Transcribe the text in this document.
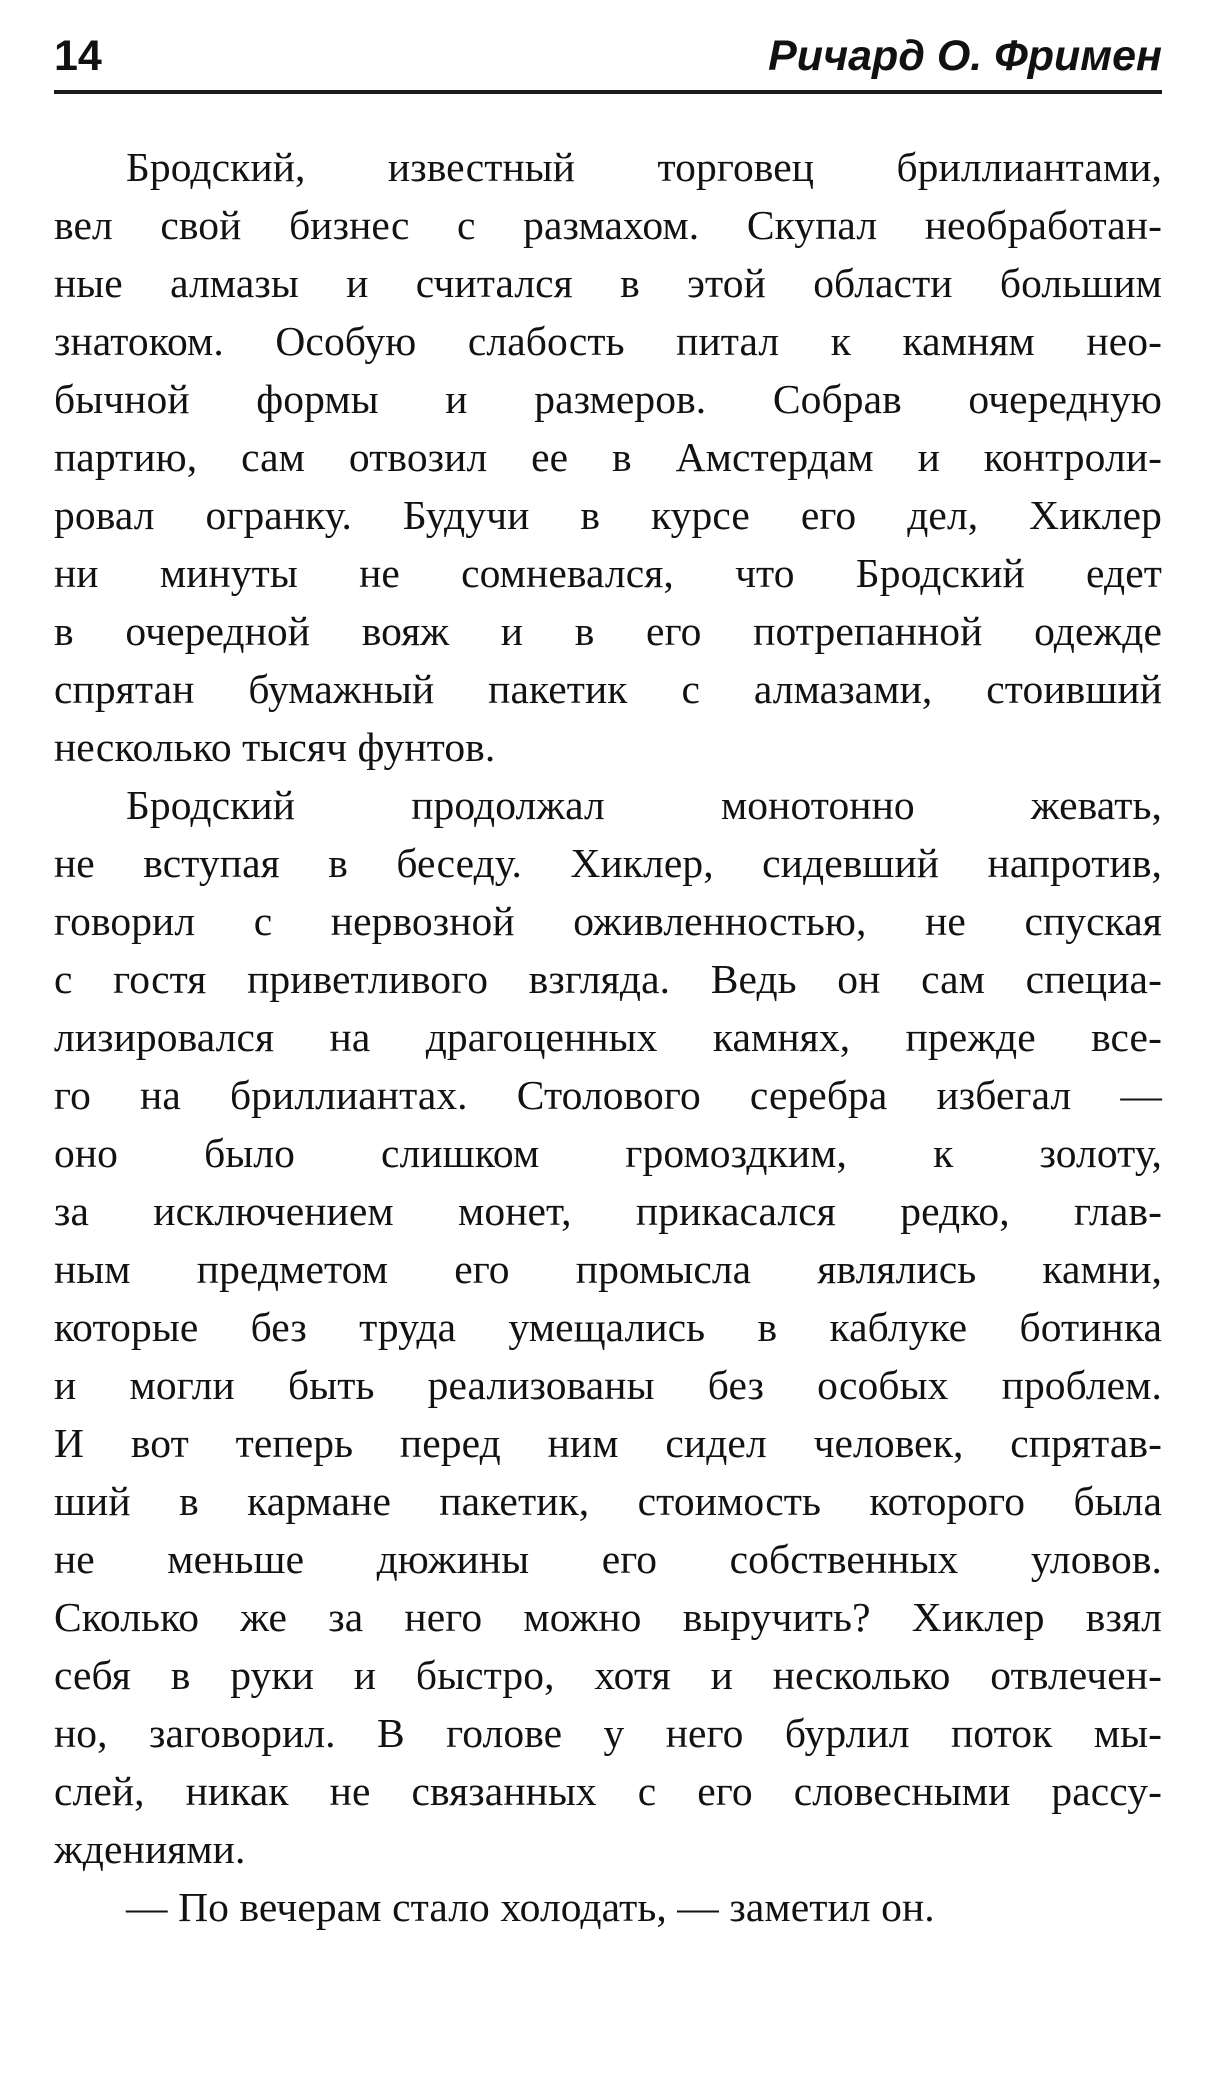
14	Ричард О. Фримен
Бродский, известный торговец бриллиантами,
вел свой бизнес с размахом. Скупал необработан-
ные алмазы и считался в этой области большим
знатоком. Особую слабость питал к камням нео-
бычной формы и размеров. Собрав очередную
партию, сам отвозил ее в Амстердам и контроли-
ровал огранку. Будучи в курсе его дел, Хиклер
ни минуты не сомневался, что Бродский едет
в очередной вояж и в его потрепанной одежде
спрятан бумажный пакетик с алмазами, стоивший
несколько тысяч фунтов.
Бродский продолжал монотонно жевать,
не вступая в беседу. Хиклер, сидевший напротив,
говорил с нервозной оживленностью, не спуская
с гостя приветливого взгляда. Ведь он сам специа-
лизировался на драгоценных камнях, прежде все-
го на бриллиантах. Столового серебра избегал —
оно было слишком громоздким, к золоту,
за исключением монет, прикасался редко, глав-
ным предметом его промысла являлись камни,
которые без труда умещались в каблуке ботинка
и могли быть реализованы без особых проблем.
И вот теперь перед ним сидел человек, спрятав-
ший в кармане пакетик, стоимость которого была
не меньше дюжины его собственных уловов.
Сколько же за него можно выручить? Хиклер взял
себя в руки и быстро, хотя и несколько отвлечен-
но, заговорил. В голове у него бурлил поток мы-
слей, никак не связанных с его словесными рассу-
ждениями.
— По вечерам стало холодать, — заметил он.
